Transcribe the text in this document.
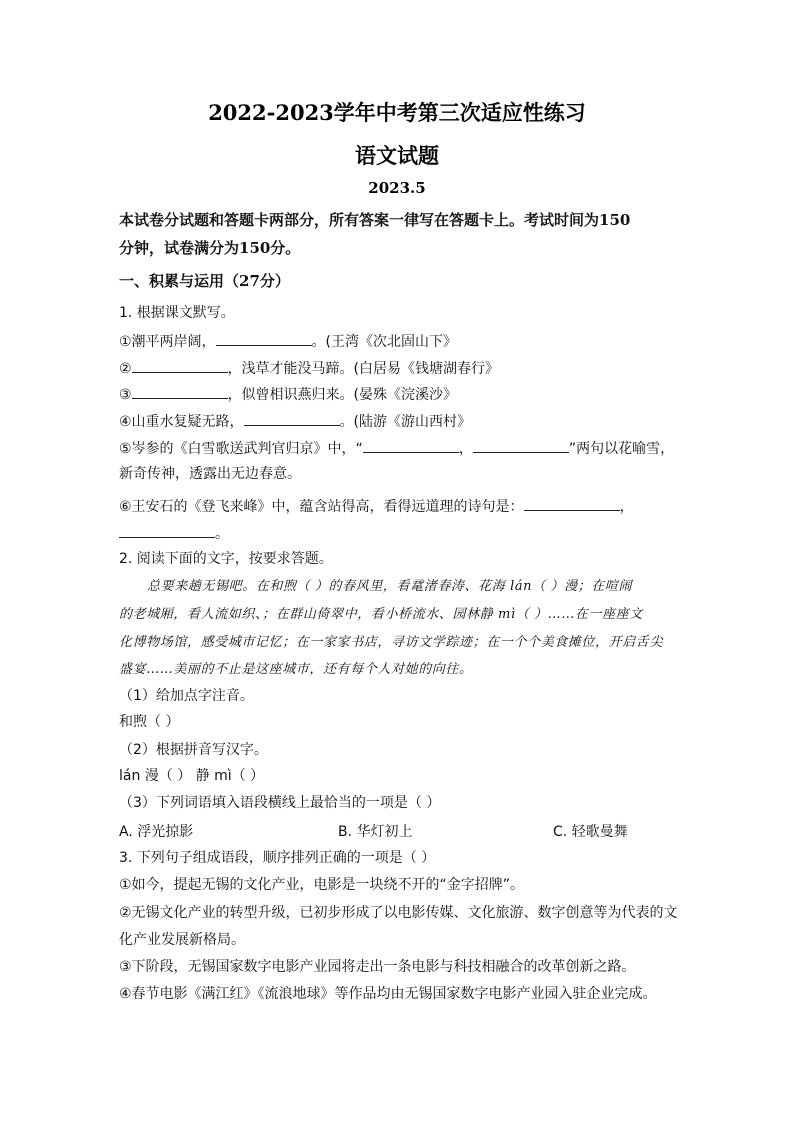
2022-2023学年中考第三次适应性练习
语文试题
2023.5
本试卷分试题和答题卡两部分，所有答案一律写在答题卡上。考试时间为150
分钟，试卷满分为150分。
一、积累与运用（27分）
1. 根据课文默写。
①潮平两岸阔，	。(王湾《次北固山下》
②	，浅草才能没马蹄。(白居易《钱塘湖春行》
③	，似曾相识燕归来。(晏殊《浣溪沙》
④山重水复疑无路，	。(陆游《游山西村》
⑤岑参的《白雪歌送武判官归京》中，“	，	”两句以花喻雪，
新奇传神，透露出无边春意。
⑥王安石的《登飞来峰》中，蕴含站得高，看得远道理的诗句是：	，
。
2. 阅读下面的文字，按要求答题。
总要来趟无锡吧。在和煦（ ）的春风里，看鼋渚春涛、花海 lán（ ）漫；在喧闹
的老城厢，看人流如织、；在群山倚翠中，看小桥流水、园林静 mì（ ）……在一座座文
化博物场馆，感受城市记忆；在一家家书店，寻访文学踪迹；在一个个美食摊位，开启舌尖
盛宴……美丽的不止是这座城市，还有每个人对她的向往。
（1）给加点字注音。
和煦（ ）
（2）根据拼音写汉字。
lán 漫（ ） 静 mì（ ）
（3）下列词语填入语段横线上最恰当的一项是（ ）
A. 浮光掠影	B. 华灯初上	C. 轻歌曼舞
3. 下列句子组成语段，顺序排列正确的一项是（ ）
①如今，提起无锡的文化产业，电影是一块绕不开的“金字招牌”。
②无锡文化产业的转型升级，已初步形成了以电影传媒、文化旅游、数字创意等为代表的文
化产业发展新格局。
③下阶段，无锡国家数字电影产业园将走出一条电影与科技相融合的改革创新之路。
④春节电影《满江红》《流浪地球》等作品均由无锡国家数字电影产业园入驻企业完成。
